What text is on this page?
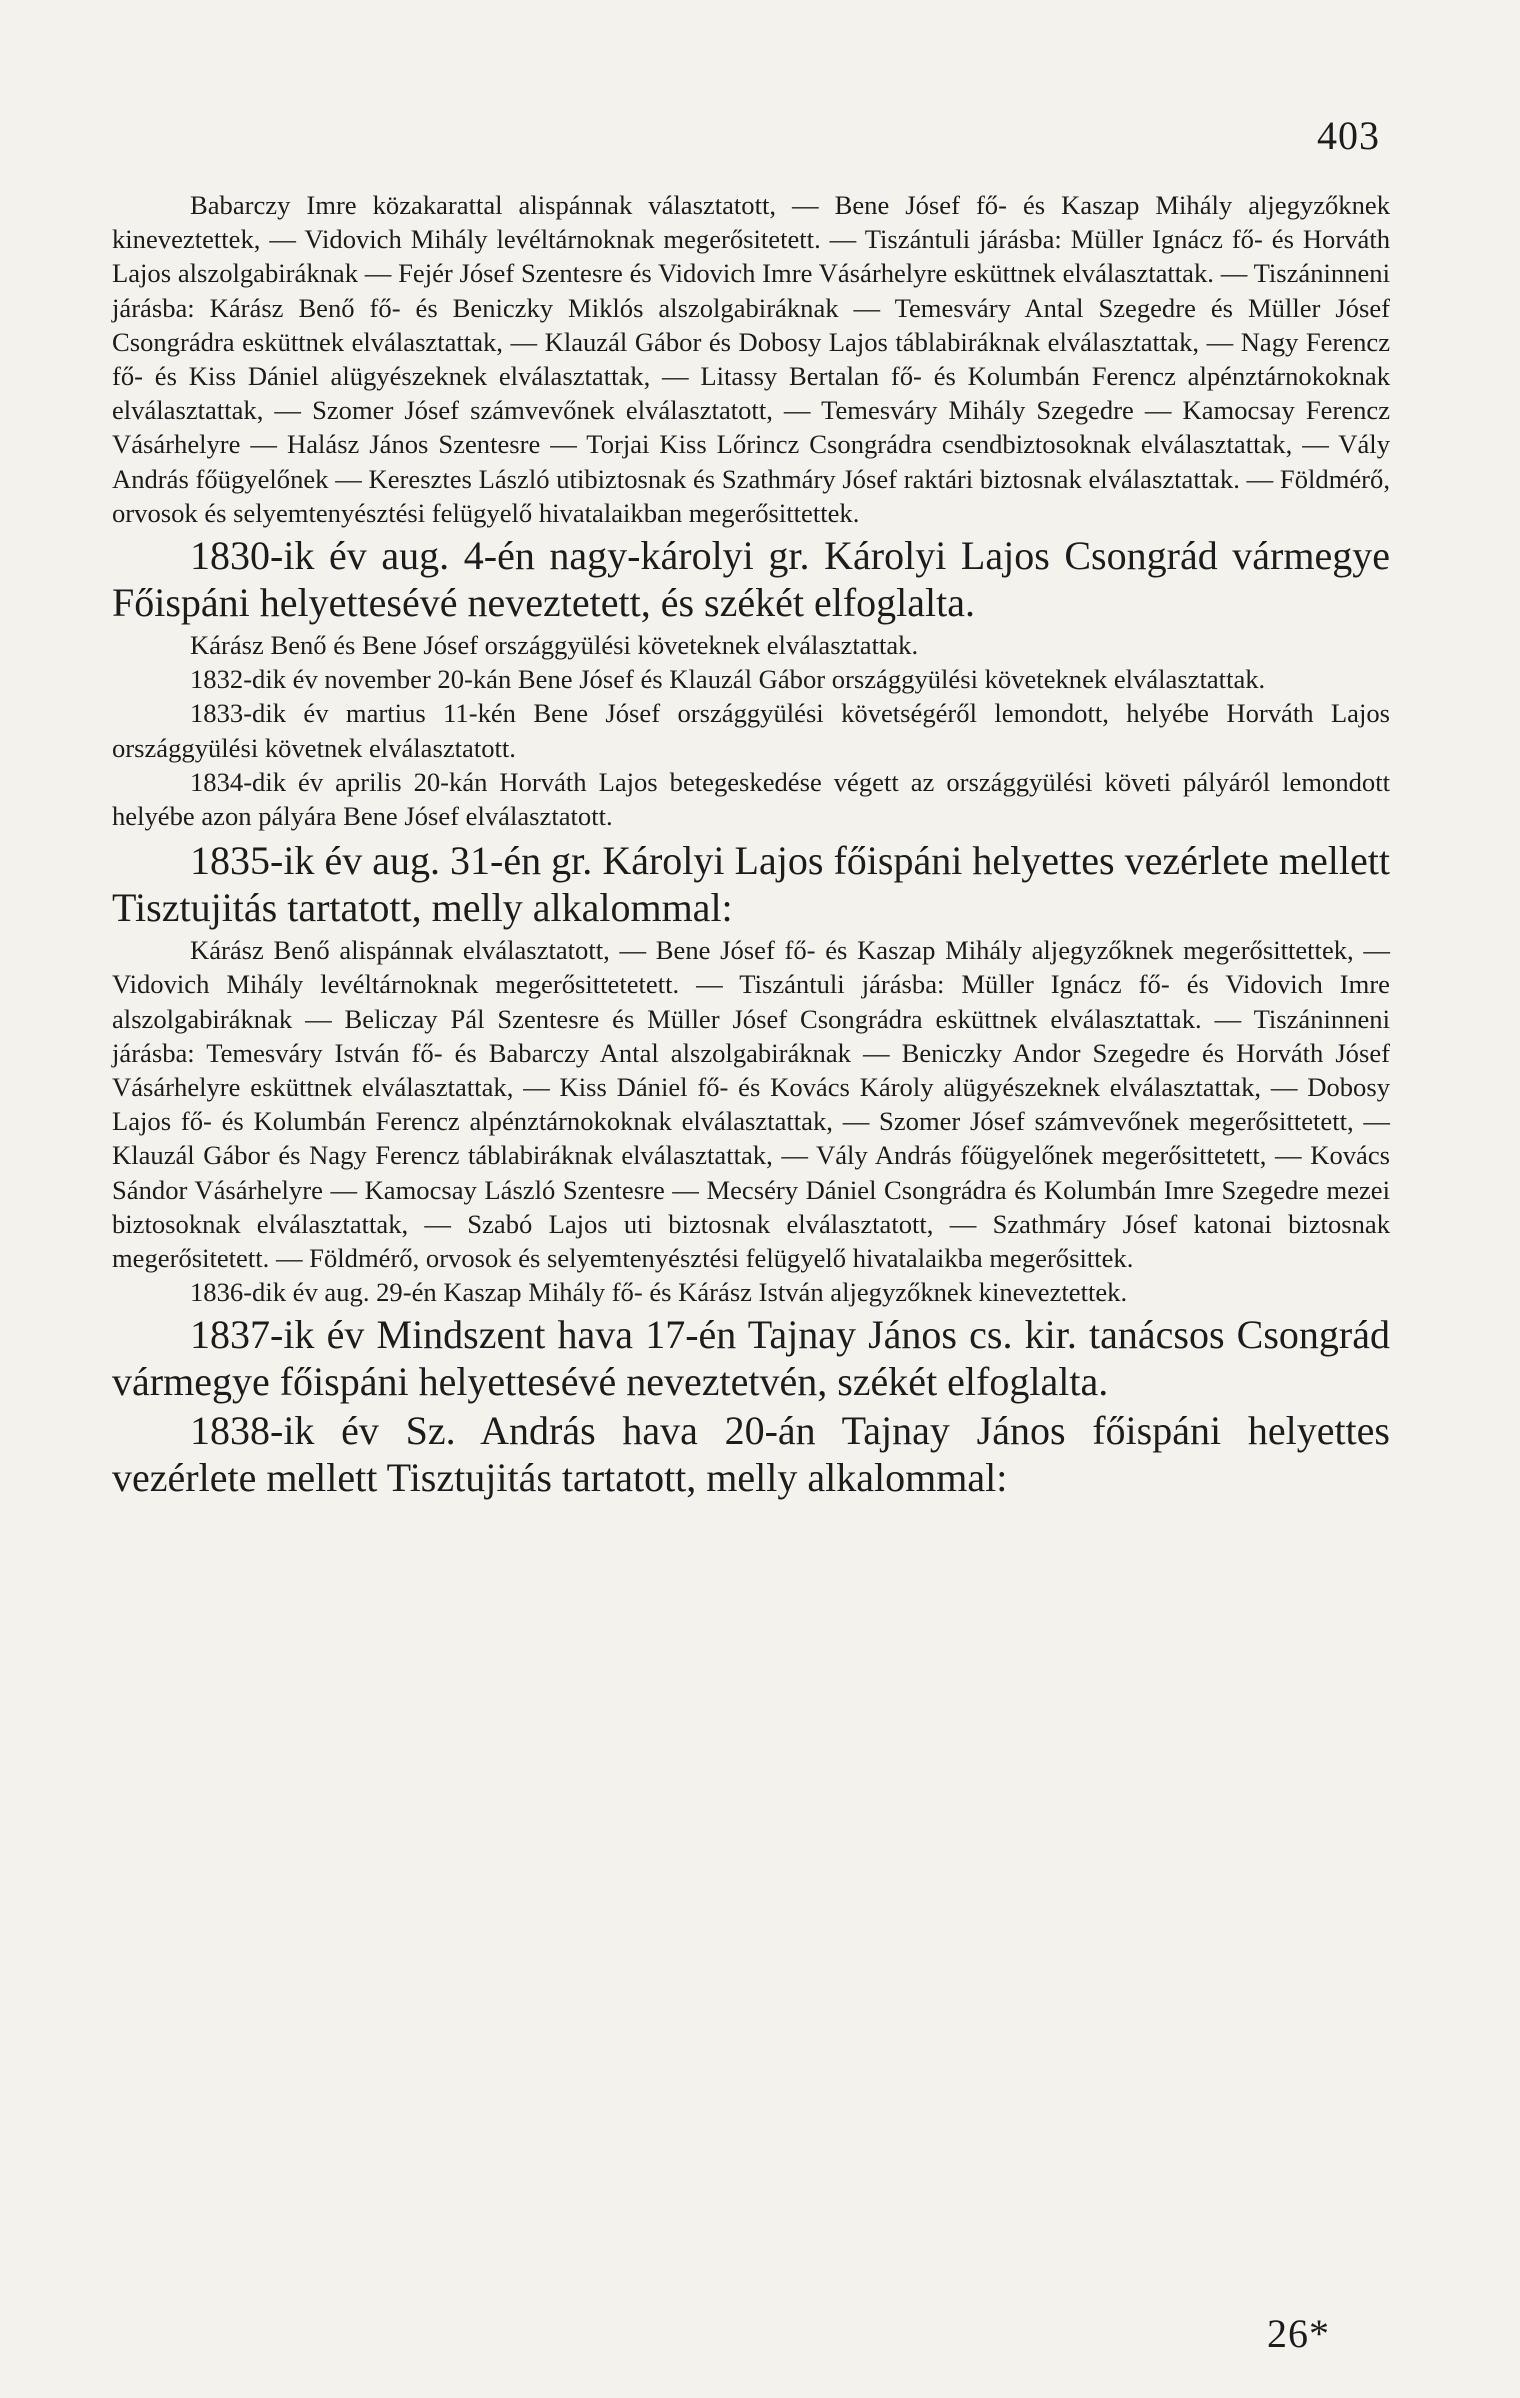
403

Babarczy Imre közakarattal alispánnak választatott, — Bene Jósef fő- és Kaszap Mihály aljegyzőknek kineveztettek, — Vidovich Mihály levéltárnoknak megerősitetett. — Tiszántuli járásba: Müller Ignácz fő- és Horváth Lajos alszolgabiráknak — Fejér Jósef Szentesre és Vidovich Imre Vásárhelyre esküttnek elválasztattak. — Tiszáninneni járásba: Kárász Benő fő- és Beniczky Miklós alszolgabiráknak — Temesváry Antal Szegedre és Müller Jósef Csongrádra esküttnek elválasztattak, — Klauzál Gábor és Dobosy Lajos táblabiráknak elválasztattak, — Nagy Ferencz fő- és Kiss Dániel alügyészeknek elválasztattak, — Litassy Bertalan fő- és Kolumbán Ferencz alpénztárnokoknak elválasztattak, — Szomer Jósef számvevőnek elválasztatott, — Temesváry Mihály Szegedre — Kamocsay Ferencz Vásárhelyre — Halász János Szentesre — Torjai Kiss Lőrincz Csongrádra csendbiztosoknak elválasztattak, — Vály András főügyelőnek — Keresztes László utibiztosnak és Szathmáry Jósef raktári biztosnak elválasztattak. — Földmérő, orvosok és selyemtenyésztési felügyelő hivatalaikban megerősittettek.

1830-ik év aug. 4-én nagy-károlyi gr. Károlyi Lajos Csongrád vármegye Főispáni helyettesévé neveztetett, és székét elfoglalta.

Kárász Benő és Bene Jósef országgyülési követeknek elválasztattak.

1832-dik év november 20-kán Bene Jósef és Klauzál Gábor országgyülési követeknek elválasztattak.

1833-dik év martius 11-kén Bene Jósef országgyülési követségéről lemondott, helyébe Horváth Lajos országgyülési követnek elválasztatott.

1834-dik év aprilis 20-kán Horváth Lajos betegeskedése végett az országgyülési követi pályáról lemondott helyébe azon pályára Bene Jósef elválasztatott.

1835-ik év aug. 31-én gr. Károlyi Lajos főispáni helyettes vezérlete mellett Tisztujitás tartatott, melly alkalommal:

Kárász Benő alispánnak elválasztatott, — Bene Jósef fő- és Kaszap Mihály aljegyzőknek megerősittettek, — Vidovich Mihály levéltárnoknak megerősittetetett. — Tiszántuli járásba: Müller Ignácz fő- és Vidovich Imre alszolgabiráknak — Beliczay Pál Szentesre és Müller Jósef Csongrádra esküttnek elválasztattak. — Tiszáninneni járásba: Temesváry István fő- és Babarczy Antal alszolgabiráknak — Beniczky Andor Szegedre és Horváth Jósef Vásárhelyre esküttnek elválasztattak, — Kiss Dániel fő- és Kovács Károly alügyészeknek elválasztattak, — Dobosy Lajos fő- és Kolumbán Ferencz alpénztárnokoknak elválasztattak, — Szomer Jósef számvevőnek megerősittetett, — Klauzál Gábor és Nagy Ferencz táblabiráknak elválasztattak, — Vály András főügyelőnek megerősittetett, — Kovács Sándor Vásárhelyre — Kamocsay László Szentesre — Mecséry Dániel Csongrádra és Kolumbán Imre Szegedre mezei biztosoknak elválasztattak, — Szabó Lajos uti biztosnak elválasztatott, — Szathmáry Jósef katonai biztosnak megerősitetett. — Földmérő, orvosok és selyemtenyésztési felügyelő hivatalaikba megerősittek.

1836-dik év aug. 29-én Kaszap Mihály fő- és Kárász István aljegyzőknek kineveztettek.

1837-ik év Mindszent hava 17-én Tajnay János cs. kir. tanácsos Csongrád vármegye főispáni helyettesévé neveztetvén, székét elfoglalta.

1838-ik év Sz. András hava 20-án Tajnay János főispáni helyettes vezérlete mellett Tisztujitás tartatott, melly alkalommal:

26*
